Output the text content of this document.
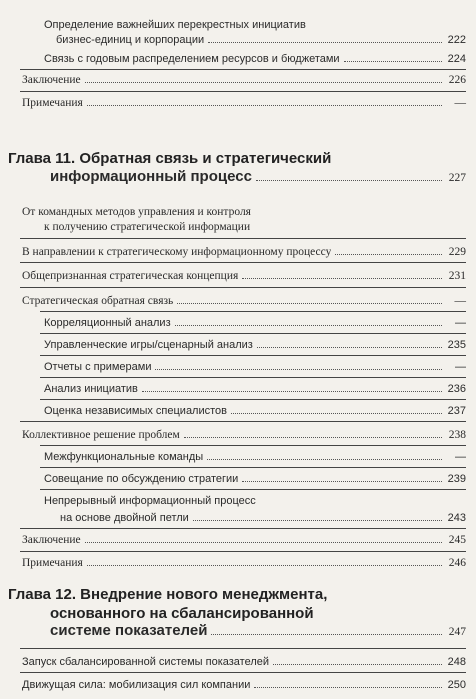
Определение важнейших перекрестных инициатив
бизнес-единиц и корпорации	222
Связь с годовым распределением ресурсов и бюджетами	224
Заключение	226
Примечания	—
Глава 11. Обратная связь и стратегический
информационный процесс	227
От командных методов управления и контроля
к получению стратегической информации
В направлении к стратегическому информационному процессу	229
Общепризнанная стратегическая концепция	231
Стратегическая обратная связь	—
Корреляционный анализ	—
Управленческие игры/сценарный анализ	235
Отчеты с примерами	—
Анализ инициатив	236
Оценка независимых специалистов	237
Коллективное решение проблем	238
Межфункциональные команды	—
Совещание по обсуждению стратегии	239
Непрерывный информационный процесс
на основе двойной петли	243
Заключение	245
Примечания	246
Глава 12. Внедрение нового менеджмента,
основанного на сбалансированной
системе показателей	247
Запуск сбалансированной системы показателей	248
Движущая сила: мобилизация сил компании	250
